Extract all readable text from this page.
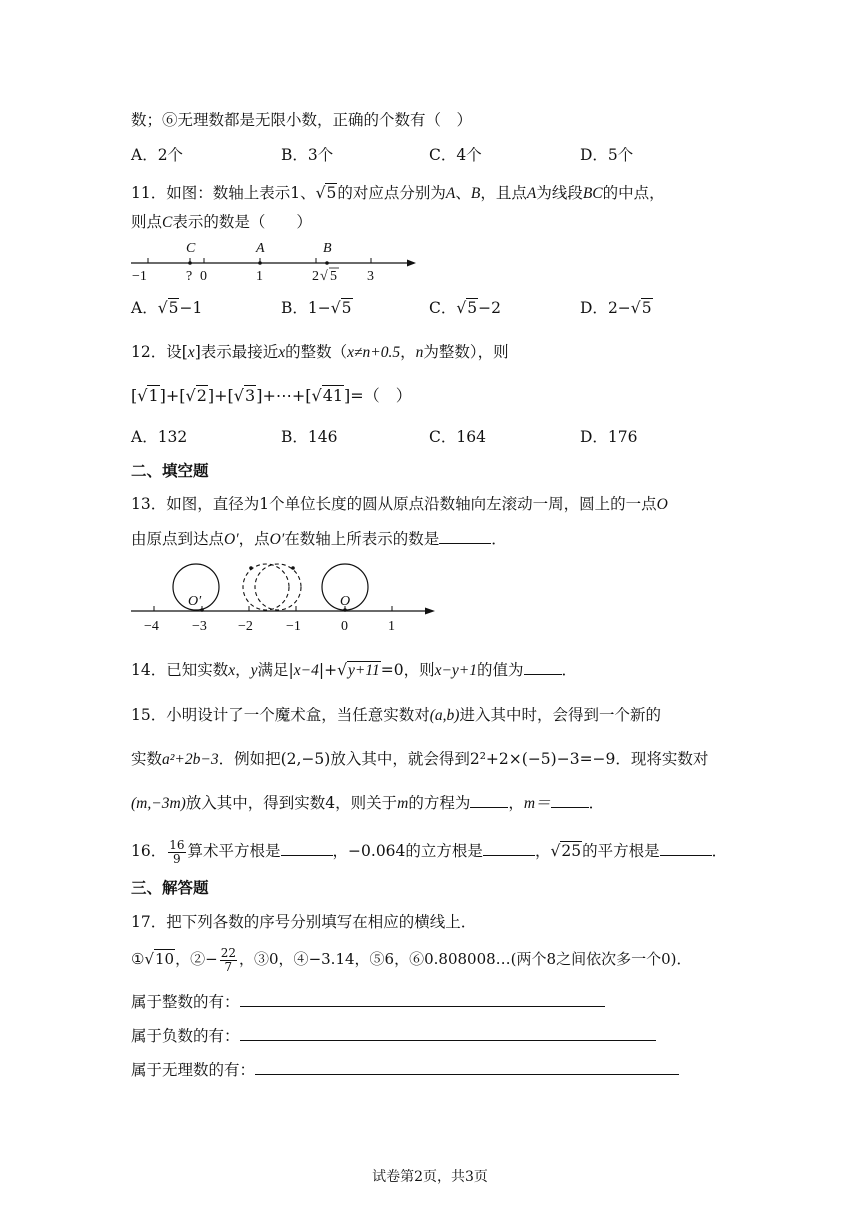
数；⑥无理数都是无限小数，正确的个数有（　）
A．2个	B．3个	C．4个	D．5个
11．如图：数轴上表示1、√5的对应点分别为A、B，且点A为线段BC的中点，
则点C表示的数是（　　）
C	A	B
−1	? 0	1	2 √ 5 3
A．√5−1	B．1−√5	C．√5−2	D．2−√5
12．设[x]表示最接近x的整数（x≠n+0.5，n为整数），则
[√1]+[√2]+[√3]+⋯+[√41]=（　）
A．132	B．146	C．164	D．176
二、填空题
13．如图，直径为1个单位长度的圆从原点沿数轴向左滚动一周，圆上的一点O
由原点到达点O′，点O′在数轴上所表示的数是	．
O′	O
−4 −3 −2 −1	0	1
14．已知实数x，y满足|x−4|+√y+11=0，则x−y+1的值为 ．
15．小明设计了一个魔术盒，当任意实数对(a,b)进入其中时，会得到一个新的
实数a²+2b−3．例如把(2,−5)放入其中，就会得到2²+2×(−5)−3=−9．现将实数对
(m,−3m)放入其中，得到实数4，则关于m的方程为 ，m＝ ．
16． $\frac{16}{9}$ 算术平方根是	，−0.064的立方根是	，√25的平方根是	．
三、解答题
17．把下列各数的序号分别填写在相应的横线上．
①√10，②− $\frac{22}{7}$ ，③0，④−3.14，⑤6，⑥0.808008…(两个8之间依次多一个0)．
属于整数的有：
属于负数的有：
属于无理数的有：
试卷第2页，共3页
